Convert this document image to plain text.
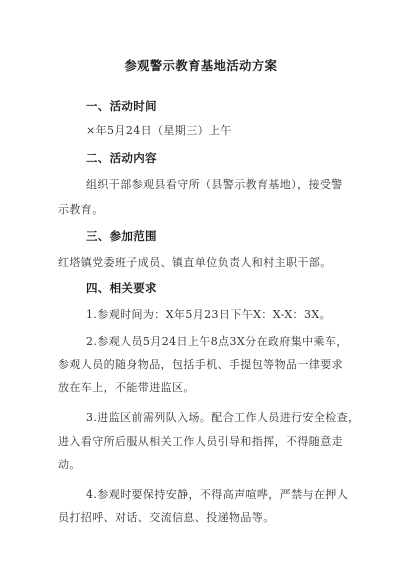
参观警示教育基地活动方案
一、活动时间
×年5月24日（星期三）上午
二、活动内容
组织干部参观县看守所（县警示教育基地），接受警
示教育。
三、参加范围
红塔镇党委班子成员、镇直单位负责人和村主职干部。
四、相关要求
1.参观时间为：X年5月23日下午X：X-X：3X。
2.参观人员5月24日上午8点3X分在政府集中乘车，
参观人员的随身物品，包括手机、手提包等物品一律要求
放在车上，不能带进监区。
3.进监区前需列队入场。配合工作人员进行安全检查，
进入看守所后服从相关工作人员引导和指挥，不得随意走
动。
4.参观时要保持安静，不得高声喧哗，严禁与在押人
员打招呼、对话、交流信息、投递物品等。
